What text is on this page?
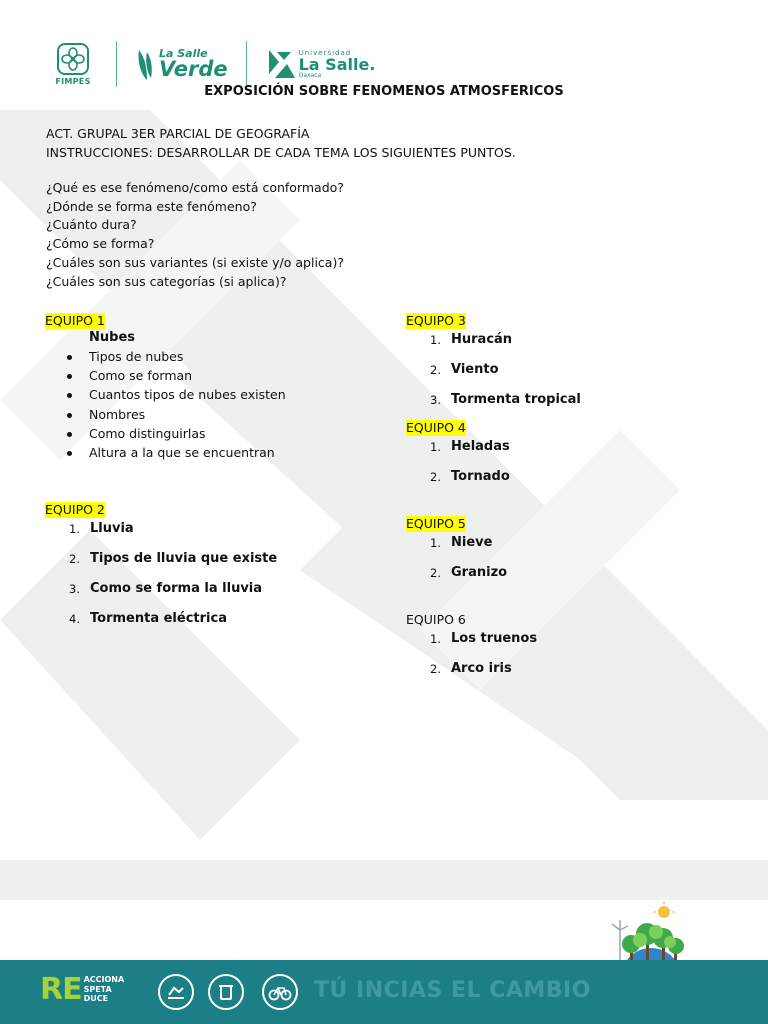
FIMPES
La Salle
Verde
Universidad
La Salle.
Oaxaca
EXPOSICIÓN SOBRE FENOMENOS ATMOSFERICOS
ACT. GRUPAL 3ER PARCIAL DE GEOGRAFÍA
INSTRUCCIONES: DESARROLLAR DE CADA TEMA LOS SIGUIENTES PUNTOS.
¿Qué es ese fenómeno/como está conformado?
¿Dónde se forma este fenómeno?
¿Cuánto dura?
¿Cómo se forma?
¿Cuáles son sus variantes (si existe y/o aplica)?
¿Cuáles son sus categorías (si aplica)?
EQUIPO 1
Nubes
Tipos de nubes
Como se forman
Cuantos tipos de nubes existen
Nombres
Como distinguirlas
Altura a la que se encuentran
EQUIPO 2
1. Lluvia
2. Tipos de lluvia que existe
3. Como se forma la lluvia
4. Tormenta eléctrica
EQUIPO 3
1. Huracán
2. Viento
3. Tormenta tropical
EQUIPO 4
1. Heladas
2. Tornado
EQUIPO 5
1. Nieve
2. Granizo
EQUIPO 6
1. Los truenos
2. Arco iris
RE ACCIONA
SPETA
DUCE	TÚ INCIAS EL CAMBIO
